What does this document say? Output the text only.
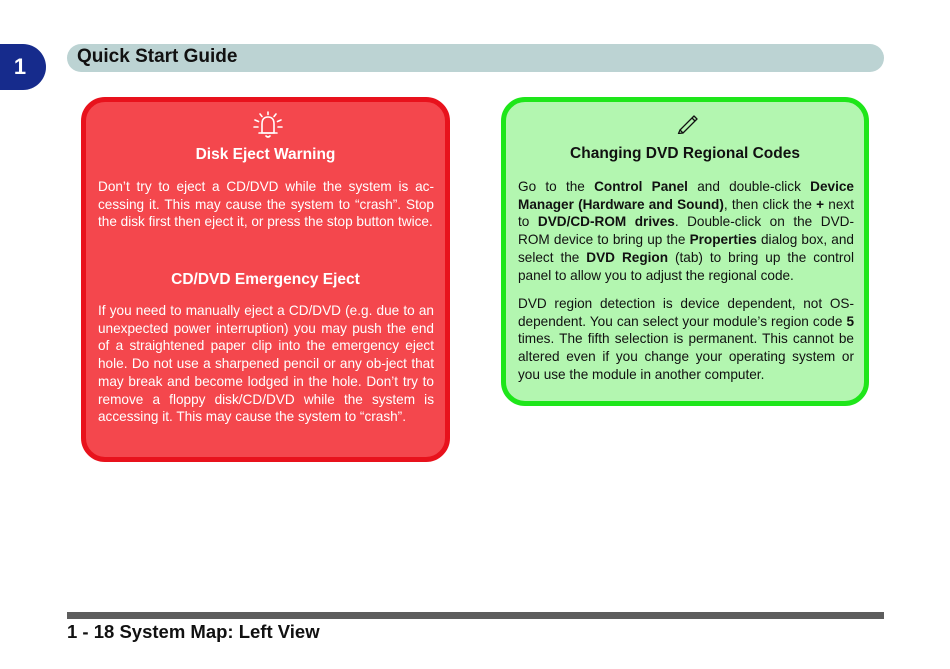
1	Quick Start Guide
Disk Eject Warning

Don’t try to eject a CD/DVD while the system is ac-cessing it. This may cause the system to “crash”. Stop the disk first then eject it, or press the stop button twice.

CD/DVD Emergency Eject

If you need to manually eject a CD/DVD (e.g. due to an unexpected power interruption) you may push the end of a straightened paper clip into the emergency eject hole. Do not use a sharpened pencil or any ob-ject that may break and become lodged in the hole. Don’t try to remove a floppy disk/CD/DVD while the system is accessing it. This may cause the system to “crash”.

Changing DVD Regional Codes

Go to the Control Panel and double-click Device Manager (Hardware and Sound), then click the + next to DVD/CD-ROM drives. Double-click on the DVD-ROM device to bring up the Properties dialog box, and select the DVD Region (tab) to bring up the control panel to allow you to adjust the regional code.

DVD region detection is device dependent, not OS-dependent. You can select your module’s region code 5 times. The fifth selection is permanent. This cannot be altered even if you change your operating system or you use the module in another computer.

1 - 18 System Map: Left View
